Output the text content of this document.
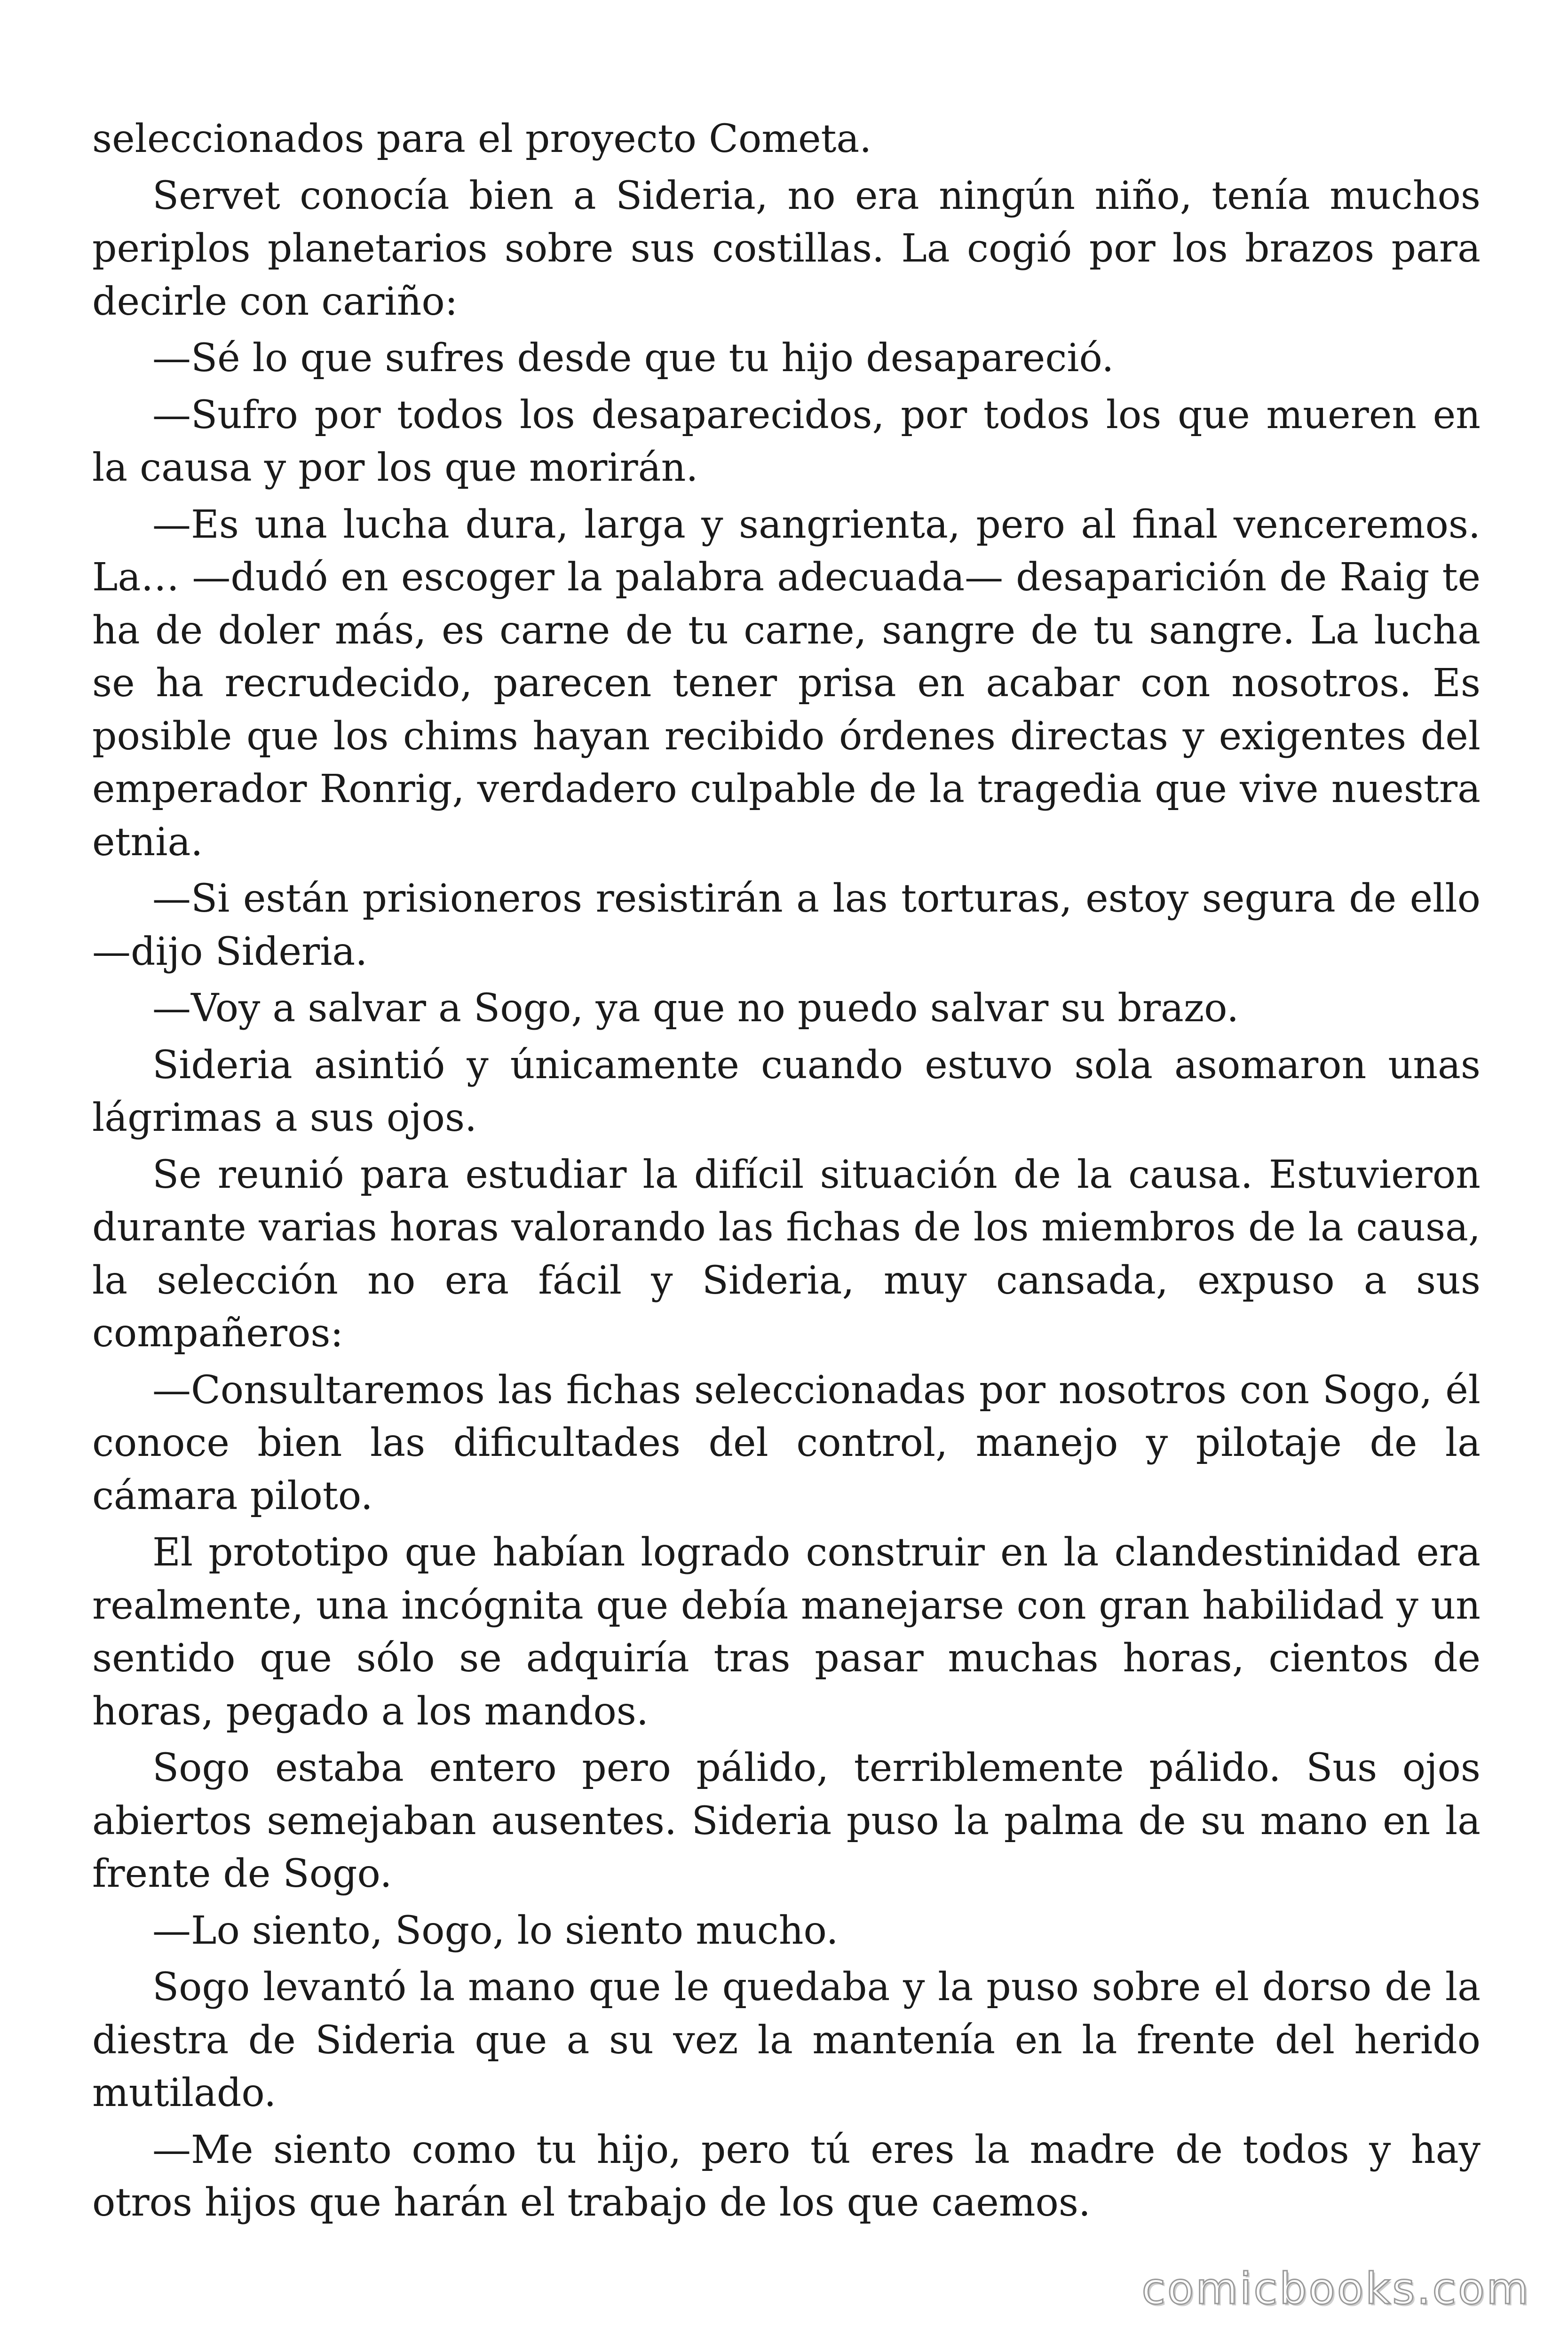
seleccionados para el proyecto Cometa.

Servet conocía bien a Sideria, no era ningún niño, tenía muchos periplos planetarios sobre sus costillas. La cogió por los brazos para decirle con cariño:

—Sé lo que sufres desde que tu hijo desapareció.

—Sufro por todos los desaparecidos, por todos los que mueren en la causa y por los que morirán.

—Es una lucha dura, larga y sangrienta, pero al final venceremos. La… —dudó en escoger la palabra adecuada— desaparición de Raig te ha de doler más, es carne de tu carne, sangre de tu sangre. La lucha se ha recrudecido, parecen tener prisa en acabar con nosotros. Es posible que los chims hayan recibido órdenes directas y exigentes del emperador Ronrig, verdadero culpable de la tragedia que vive nuestra etnia.

—Si están prisioneros resistirán a las torturas, estoy segura de ello —dijo Sideria.

—Voy a salvar a Sogo, ya que no puedo salvar su brazo.

Sideria asintió y únicamente cuando estuvo sola asomaron unas lágrimas a sus ojos.

Se reunió para estudiar la difícil situación de la causa. Estuvieron durante varias horas valorando las fichas de los miembros de la causa, la selección no era fácil y Sideria, muy cansada, expuso a sus compañeros:

—Consultaremos las fichas seleccionadas por nosotros con Sogo, él conoce bien las dificultades del control, manejo y pilotaje de la cámara piloto.

El prototipo que habían logrado construir en la clandestinidad era realmente, una incógnita que debía manejarse con gran habilidad y un sentido que sólo se adquiría tras pasar muchas horas, cientos de horas, pegado a los mandos.

Sogo estaba entero pero pálido, terriblemente pálido. Sus ojos abiertos semejaban ausentes. Sideria puso la palma de su mano en la frente de Sogo.

—Lo siento, Sogo, lo siento mucho.

Sogo levantó la mano que le quedaba y la puso sobre el dorso de la diestra de Sideria que a su vez la mantenía en la frente del herido mutilado.

—Me siento como tu hijo, pero tú eres la madre de todos y hay otros hijos que harán el trabajo de los que caemos.

comicbooks.com
